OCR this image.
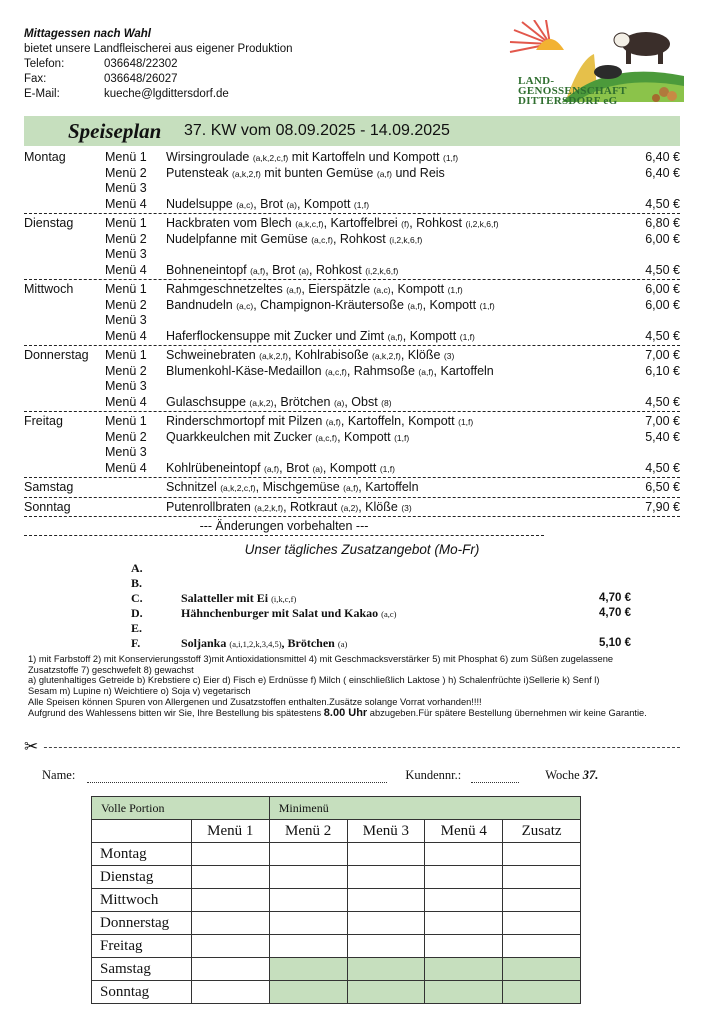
Mittagessen nach Wahl
bietet unsere Landfleischerei aus eigener Produktion
Telefon:	036648/22302
Fax:	036648/26027
E-Mail:	kueche@lgdittersdorf.de
LAND-
GENOSSENSCHAFT
DITTERSDORF eG
Speiseplan	37. KW vom 08.09.2025 - 14.09.2025
Montag	Menü 1	Wirsingroulade (a,k,2,c,f) mit Kartoffeln und Kompott (1,f)	6,40 €
Menü 2	Putensteak (a,k,2,f) mit bunten Gemüse (a,f) und Reis	6,40 €
Menü 3
Menü 4	Nudelsuppe (a,c), Brot (a), Kompott (1,f)	4,50 €
Dienstag	Menü 1	Hackbraten vom Blech (a,k,c,f), Kartoffelbrei (f), Rohkost (i,2,k,6,f)	6,80 €
Menü 2	Nudelpfanne mit Gemüse (a,c,f), Rohkost (i,2,k,6,f)	6,00 €
Menü 3
Menü 4	Bohneneintopf (a,f), Brot (a), Rohkost (i,2,k,6,f)	4,50 €
Mittwoch	Menü 1	Rahmgeschnetzeltes (a,f), Eierspätzle (a,c), Kompott (1,f)	6,00 €
Menü 2	Bandnudeln (a,c), Champignon-Kräutersoße (a,f), Kompott (1,f)	6,00 €
Menü 3
Menü 4	Haferflockensuppe mit Zucker und Zimt (a,f), Kompott (1,f)	4,50 €
Donnerstag	Menü 1	Schweinebraten (a,k,2,f), Kohlrabisoße (a,k,2,f), Klöße (3)	7,00 €
Menü 2	Blumenkohl-Käse-Medaillon (a,c,f), Rahmsoße (a,f), Kartoffeln	6,10 €
Menü 3
Menü 4	Gulaschsuppe (a,k,2), Brötchen (a), Obst (8)	4,50 €
Freitag	Menü 1	Rinderschmortopf mit Pilzen (a,f), Kartoffeln, Kompott (1,f)	7,00 €
Menü 2	Quarkkeulchen mit Zucker (a,c,f), Kompott (1,f)	5,40 €
Menü 3
Menü 4	Kohlrübeneintopf (a,f), Brot (a), Kompott (1,f)	4,50 €
Samstag	Schnitzel (a,k,2,c,f), Mischgemüse (a,f), Kartoffeln	6,50 €
Sonntag	Putenrollbraten (a,2,k,f), Rotkraut (a,2), Klöße (3)	7,90 €
--- Änderungen vorbehalten ---
Unser tägliches Zusatzangebot (Mo-Fr)
A.
B.
C.	Salatteller mit Ei (i,k,c,f)	4,70 €
D.	Hähnchenburger mit Salat und Kakao (a,c)	4,70 €
E.
F.	Soljanka (a,i,1,2,k,3,4,5), Brötchen (a)	5,10 €
1) mit Farbstoff 2) mit Konservierungsstoff 3)mit Antioxidationsmittel 4) mit Geschmacksverstärker 5) mit Phosphat 6) zum Süßen zugelassene
Zusatzstoffe 7) geschwefelt 8) gewachst
a) glutenhaltiges Getreide b) Krebstiere c) Eier d) Fisch e) Erdnüsse f) Milch ( einschließlich Laktose ) h) Schalenfrüchte i)Sellerie k) Senf l)
Sesam m) Lupine n) Weichtiere o) Soja v) vegetarisch
Alle Speisen können Spuren von Allergenen und Zusatzstoffen enthalten.Zusätze solange Vorrat vorhanden!!!!
Aufgrund des Wahlessens bitten wir Sie, Ihre Bestellung bis spätestens 8.00 Uhr abzugeben.Für spätere Bestellung übernehmen wir keine Garantie.
✂
Name:	Kundennr.:	Woche 37.
Volle Portion		Minimenü			
	Menü 1	Menü 2	Menü 3	Menü 4	Zusatz
Montag					
Dienstag					
Mittwoch					
Donnerstag					
Freitag					
Samstag					
Sonntag					
